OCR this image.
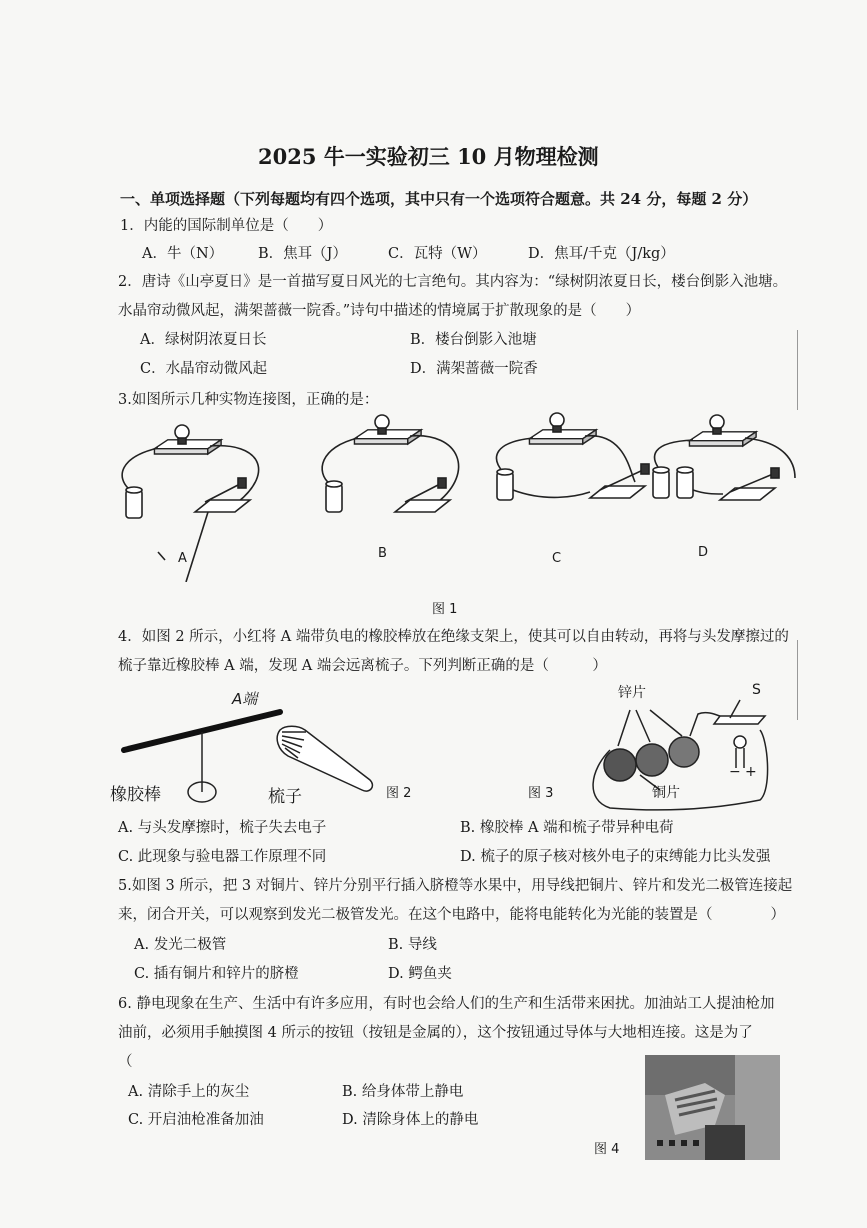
2025 牛一实验初三 10 月物理检测
一、单项选择题（下列每题均有四个选项，其中只有一个选项符合题意。共 24 分，每题 2 分）
1．内能的国际制单位是（　　）
A．牛（N） B．焦耳（J）	C．瓦特（W）	D．焦耳/千克（J/kg）
2．唐诗《山亭夏日》是一首描写夏日风光的七言绝句。其内容为：“绿树阴浓夏日长，楼台倒影入池塘。
水晶帘动微风起，满架蔷薇一院香。”诗句中描述的情境属于扩散现象的是（　　）
A．绿树阴浓夏日长	B．楼台倒影入池塘
C．水晶帘动微风起	D．满架蔷薇一院香
3.如图所示几种实物连接图，正确的是：
A	B	C	D
图 1
4．如图 2 所示，小红将 A 端带负电的橡胶棒放在绝缘支架上，使其可以自由转动，再将与头发摩擦过的
梳子靠近橡胶棒 A 端，发现 A 端会远离梳子。下列判断正确的是（　　　）
A端
橡胶棒	梳子	图 2
锌片	S
铜片
− +
图 3
A. 与头发摩擦时，梳子失去电子	B. 橡胶棒 A 端和梳子带异种电荷
C. 此现象与验电器工作原理不同	D. 梳子的原子核对核外电子的束缚能力比头发强
5.如图 3 所示，把 3 对铜片、锌片分别平行插入脐橙等水果中，用导线把铜片、锌片和发光二极管连接起
来，闭合开关，可以观察到发光二极管发光。在这个电路中，能将电能转化为光能的装置是（　　　　）
A. 发光二极管	B. 导线
C. 插有铜片和锌片的脐橙	D. 鳄鱼夹
6. 静电现象在生产、生活中有许多应用，有时也会给人们的生产和生活带来困扰。加油站工人提油枪加
油前，必须用手触摸图 4 所示的按钮（按钮是金属的），这个按钮通过导体与大地相连接。这是为了
（
A. 清除手上的灰尘	B. 给身体带上静电
C. 开启油枪准备加油	D. 清除身体上的静电
图 4
